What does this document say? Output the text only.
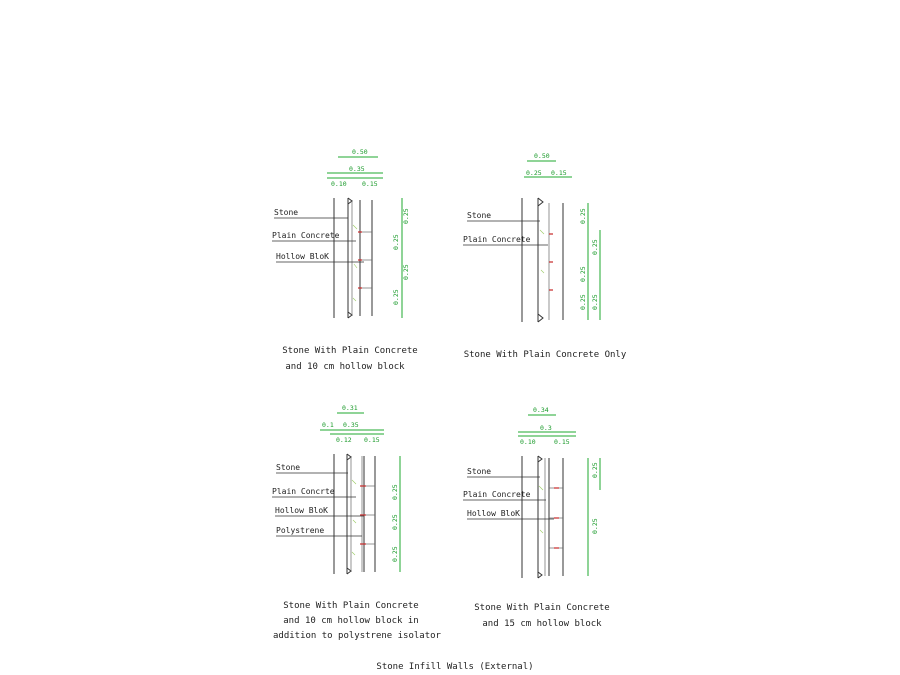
0.50
0.35
0.10 0.15
Stone
Plain Concrete
Hollow BloK
0.25
0.25
0.25
0.25
Stone With Plain Concrete
and 10 cm hollow block
0.50
0.25 0.15
Stone
Plain Concrete
0.25
0.25
0.25
0.25
0.25
Stone With Plain Concrete Only
0.31
0.1 0.35
0.12 0.15
Stone
Plain Concrte
Hollow BloK
Polystrene
0.25
0.25
0.25
Stone With Plain Concrete
and 10 cm hollow block in
addition to polystrene isolator
0.34
0.3
0.10	0.15
Stone
Plain Concrete
Hollow BloK
0.25
0.25
Stone With Plain Concrete
and 15 cm hollow block
Stone Infill Walls (External)
